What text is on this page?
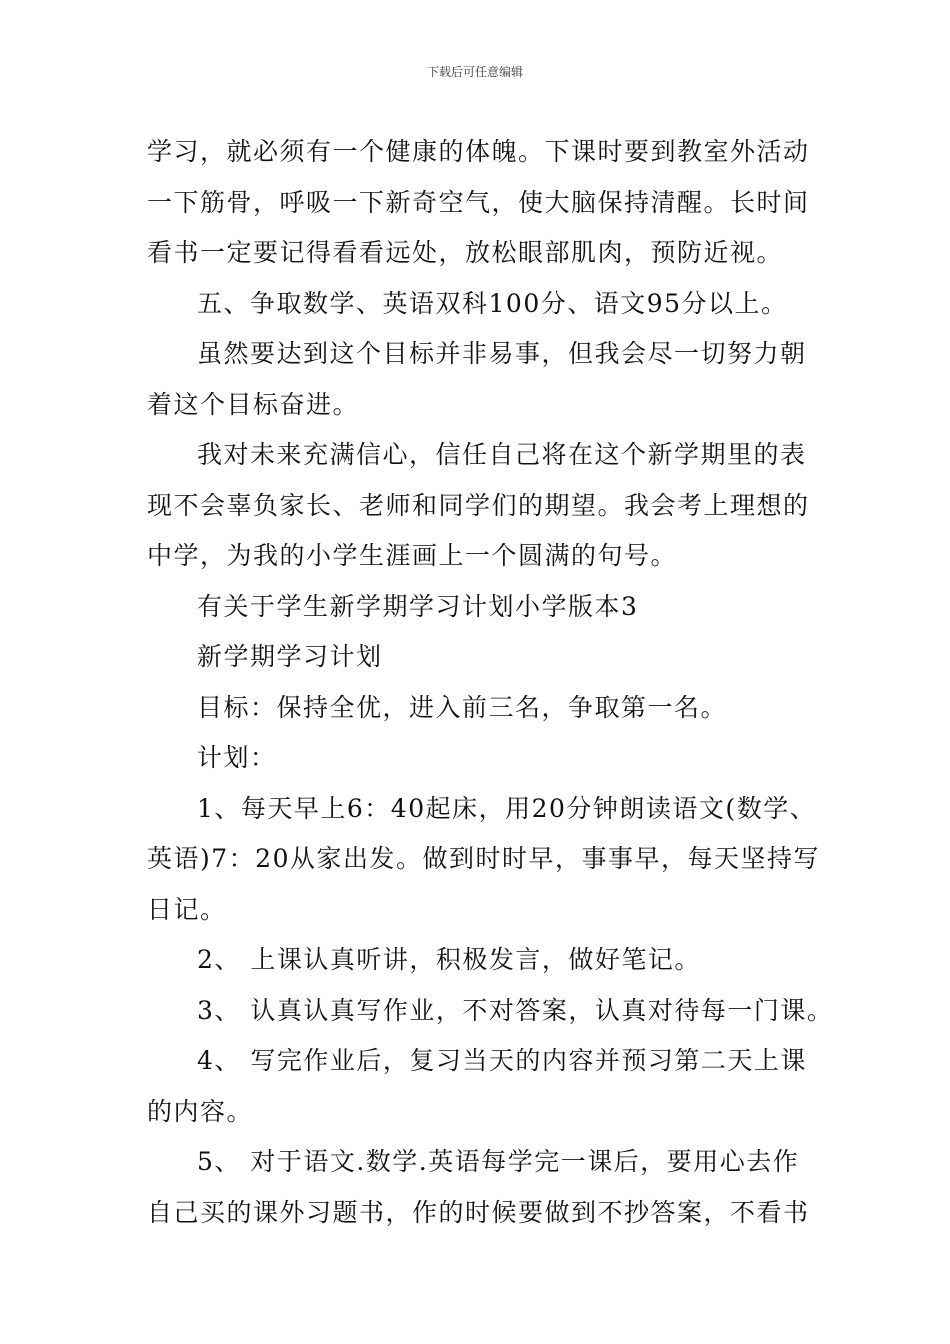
下载后可任意编辑

学习，就必须有一个健康的体魄。下课时要到教室外活动
一下筋骨，呼吸一下新奇空气，使大脑保持清醒。长时间
看书一定要记得看看远处，放松眼部肌肉，预防近视。

五、争取数学、英语双科100分、语文95分以上。

虽然要达到这个目标并非易事，但我会尽一切努力朝
着这个目标奋进。

我对未来充满信心，信任自己将在这个新学期里的表
现不会辜负家长、老师和同学们的期望。我会考上理想的
中学，为我的小学生涯画上一个圆满的句号。

有关于学生新学期学习计划小学版本3

新学期学习计划

目标：保持全优，进入前三名，争取第一名。

计划：

1、每天早上6：40起床，用20分钟朗读语文(数学、
英语)7：20从家出发。做到时时早，事事早，每天坚持写
日记。

2、 上课认真听讲，积极发言，做好笔记。

3、 认真认真写作业，不对答案，认真对待每一门课。

4、 写完作业后，复习当天的内容并预习第二天上课
的内容。

5、 对于语文.数学.英语每学完一课后，要用心去作
自己买的课外习题书，作的时候要做到不抄答案，不看书
